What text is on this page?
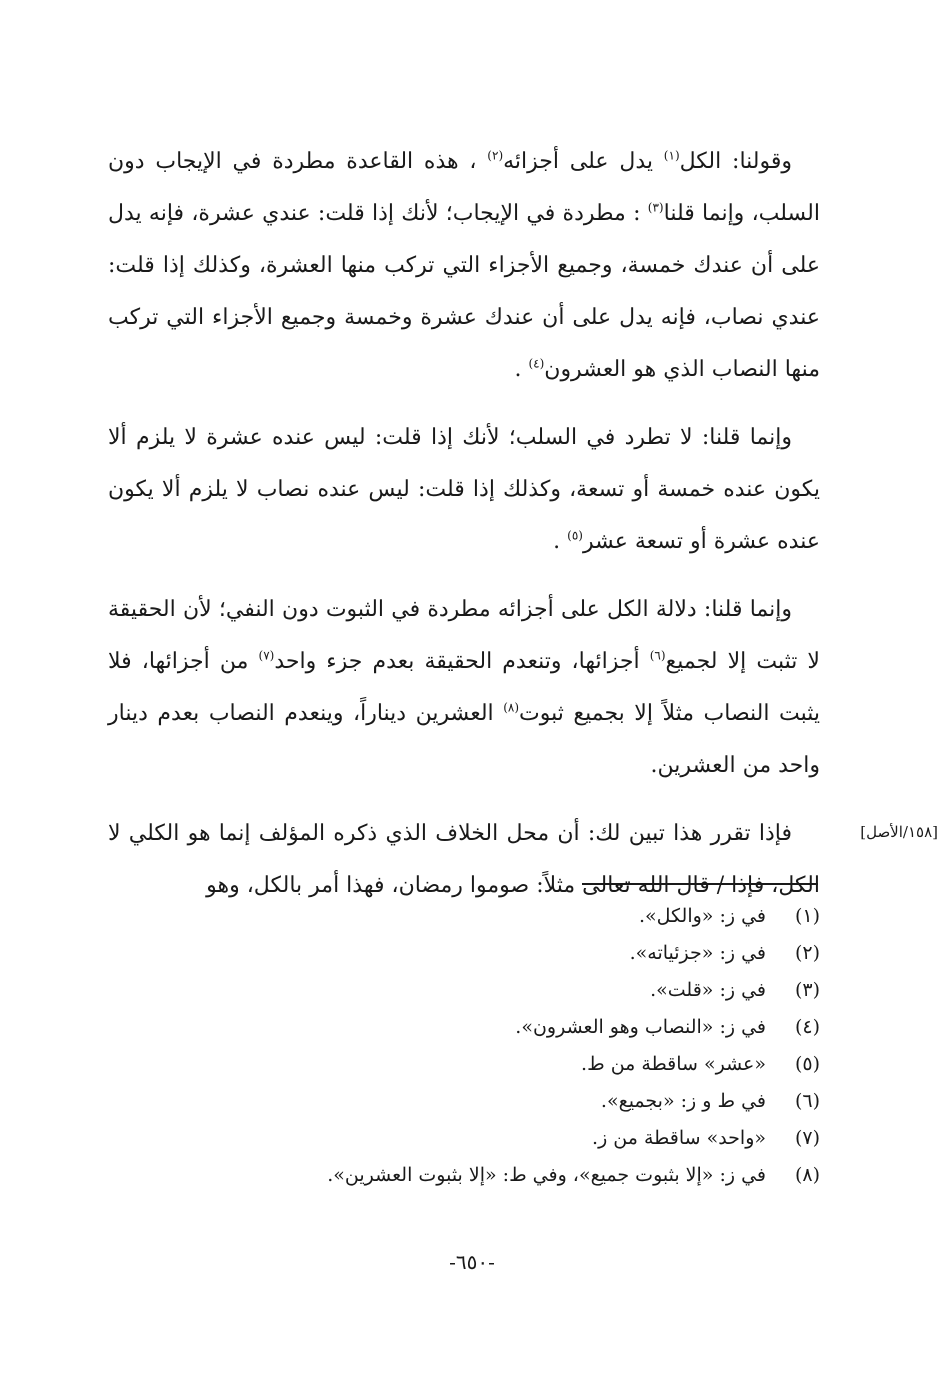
وقولنا: الكل$^{(١)}$ يدل على أجزائه$^{(٢)}$ ، هذه القاعدة مطردة في الإيجاب دون السلب، وإنما قلنا$^{(٣)}$ : مطردة في الإيجاب؛ لأنك إذا قلت: عندي عشرة، فإنه يدل على أن عندك خمسة، وجميع الأجزاء التي تركب منها العشرة، وكذلك إذا قلت: عندي نصاب، فإنه يدل على أن عندك عشرة وخمسة وجميع الأجزاء التي تركب منها النصاب الذي هو العشرون$^{(٤)}$ .

وإنما قلنا: لا تطرد في السلب؛ لأنك إذا قلت: ليس عنده عشرة لا يلزم ألا يكون عنده خمسة أو تسعة، وكذلك إذا قلت: ليس عنده نصاب لا يلزم ألا يكون عنده عشرة أو تسعة عشر$^{(٥)}$ .

وإنما قلنا: دلالة الكل على أجزائه مطردة في الثبوت دون النفي؛ لأن الحقيقة لا تثبت إلا لجميع$^{(٦)}$ أجزائها، وتنعدم الحقيقة بعدم جزء واحد$^{(٧)}$ من أجزائها، فلا يثبت النصاب مثلاً إلا بجميع ثبوت$^{(٨)}$ العشرين ديناراً، وينعدم النصاب بعدم دينار واحد من العشرين.

فإذا تقرر هذا تبين لك: أن محل الخلاف الذي ذكره المؤلف إنما هو الكلي لا الكل، فإذا / قال الله تعالى مثلاً: صوموا رمضان، فهذا أمر بالكل، وهو

[١٥٨/الأصل]
(١)
في ز: «والكل».
(٢)
في ز: «جزئياته».
(٣)
في ز: «قلت».
(٤)
في ز: «النصاب وهو العشرون».
(٥)
«عشر» ساقطة من ط.
(٦)
في ط و ز: «بجميع».
(٧)
«واحد» ساقطة من ز.
(٨)
في ز: «إلا بثبوت جميع»، وفي ط: «إلا بثبوت العشرين».
-٦٥٠-
